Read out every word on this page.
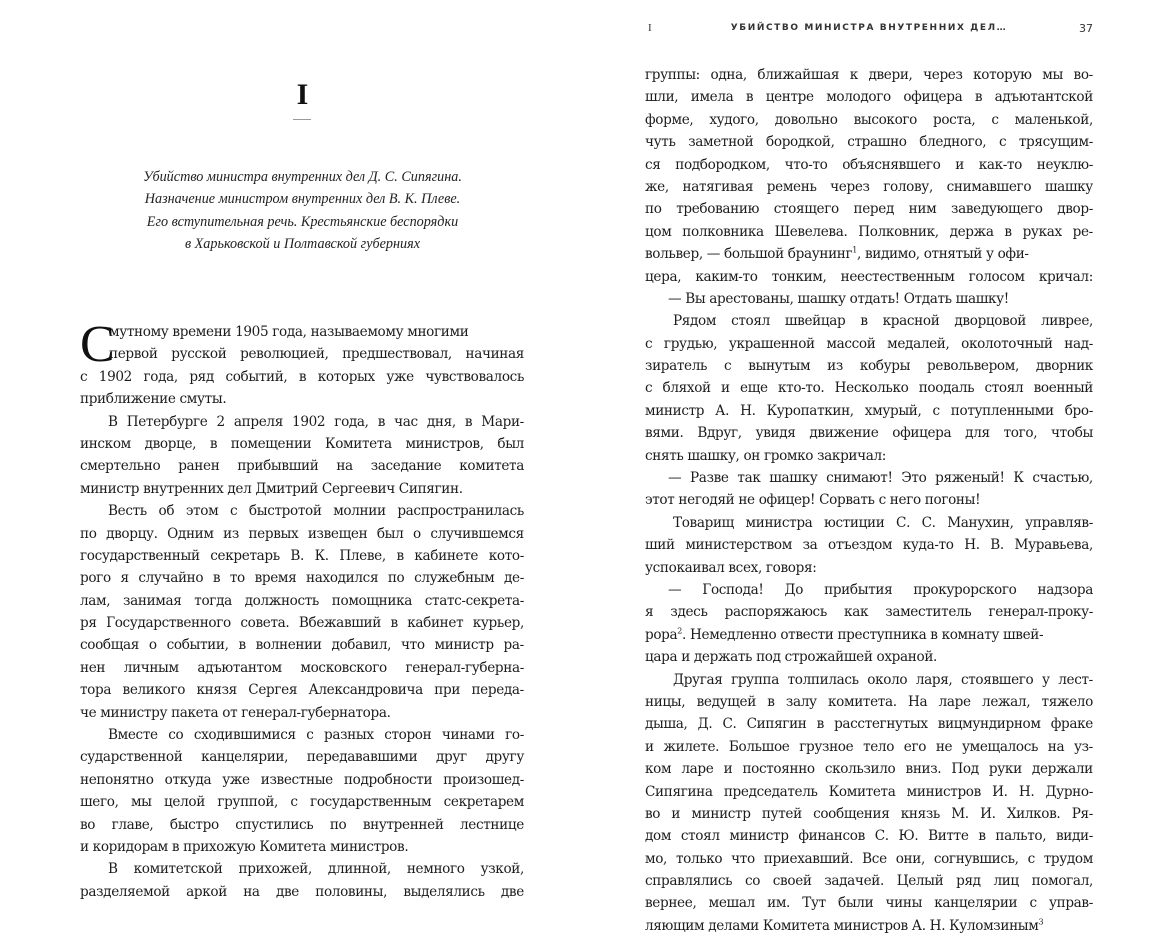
I
Убийство министра внутренних дел Д. С. Сипягина.
Назначение министром внутренних дел В. К. Плеве.
Его вступительная речь. Крестьянские беспорядки
в Харьковской и Полтавской губерниях
С
мутному времени 1905 года, называемому многими
первой русской революцией, предшествовал, начиная
с 1902 года, ряд событий, в которых уже чувствовалось
приближение смуты.
В Петербурге 2 апреля 1902 года, в час дня, в Мари-
инском дворце, в помещении Комитета министров, был
смертельно ранен прибывший на заседание комитета
министр внутренних дел Дмитрий Сергеевич Сипягин.
Весть об этом с быстротой молнии распространилась
по дворцу. Одним из первых извещен был о случившемся
государственный секретарь В. К. Плеве, в кабинете кото-
рого я случайно в то время находился по служебным де-
лам, занимая тогда должность помощника статс-секрета-
ря Государственного совета. Вбежавший в кабинет курьер,
сообщая о событии, в волнении добавил, что министр ра-
нен личным адъютантом московского генерал-губерна-
тора великого князя Сергея Александровича при переда-
че министру пакета от генерал-губернатора.
Вместе со сходившимися с разных сторон чинами го-
сударственной канцелярии, передававшими друг другу
непонятно откуда уже известные подробности произошед-
шего, мы целой группой, с государственным секретарем
во главе, быстро спустились по внутренней лестнице
и коридорам в прихожую Комитета министров.
В комитетской прихожей, длинной, немного узкой,
разделяемой аркой на две половины, выделялись две
I	УБИЙСТВО МИНИСТРА ВНУТРЕННИХ ДЕЛ…	37
группы: одна, ближайшая к двери, через которую мы во-
шли, имела в центре молодого офицера в адъютантской
форме, худого, довольно высокого роста, с маленькой,
чуть заметной бородкой, страшно бледного, с трясущим-
ся подбородком, что-то объяснявшего и как-то неуклю-
же, натягивая ремень через голову, снимавшего шашку
по требованию стоящего перед ним заведующего двор-
цом полковника Шевелева. Полковник, держа в руках ре-
вольвер, — большой браунинг$^1$, видимо, отнятый у офи-
цера, каким-то тонким, неестественным голосом кричал:
— Вы арестованы, шашку отдать! Отдать шашку!
Рядом стоял швейцар в красной дворцовой ливрее,
с грудью, украшенной массой медалей, околоточный над-
зиратель с вынутым из кобуры револьвером, дворник
с бляхой и еще кто-то. Несколько поодаль стоял военный
министр А. Н. Куропаткин, хмурый, с потупленными бро-
вями. Вдруг, увидя движение офицера для того, чтобы
снять шашку, он громко закричал:
— Разве так шашку снимают! Это ряженый! К счастью,
этот негодяй не офицер! Сорвать с него погоны!
Товарищ министра юстиции С. С. Манухин, управляв-
ший министерством за отъездом куда-то Н. В. Муравьева,
успокаивал всех, говоря:
— Господа! До прибытия прокурорского надзора
я здесь распоряжаюсь как заместитель генерал-проку-
рора$^2$. Немедленно отвести преступника в комнату швей-
цара и держать под строжайшей охраной.
Другая группа толпилась около ларя, стоявшего у лест-
ницы, ведущей в залу комитета. На ларе лежал, тяжело
дыша, Д. С. Сипягин в расстегнутых вицмундирном фраке
и жилете. Большое грузное тело его не умещалось на уз-
ком ларе и постоянно скользило вниз. Под руки держали
Сипягина председатель Комитета министров И. Н. Дурно-
во и министр путей сообщения князь М. И. Хилков. Ря-
дом стоял министр финансов С. Ю. Витте в пальто, види-
мо, только что приехавший. Все они, согнувшись, с трудом
справлялись со своей задачей. Целый ряд лиц помогал,
вернее, мешал им. Тут были чины канцелярии с управ-
ляющим делами Комитета министров А. Н. Куломзиным$^3$
